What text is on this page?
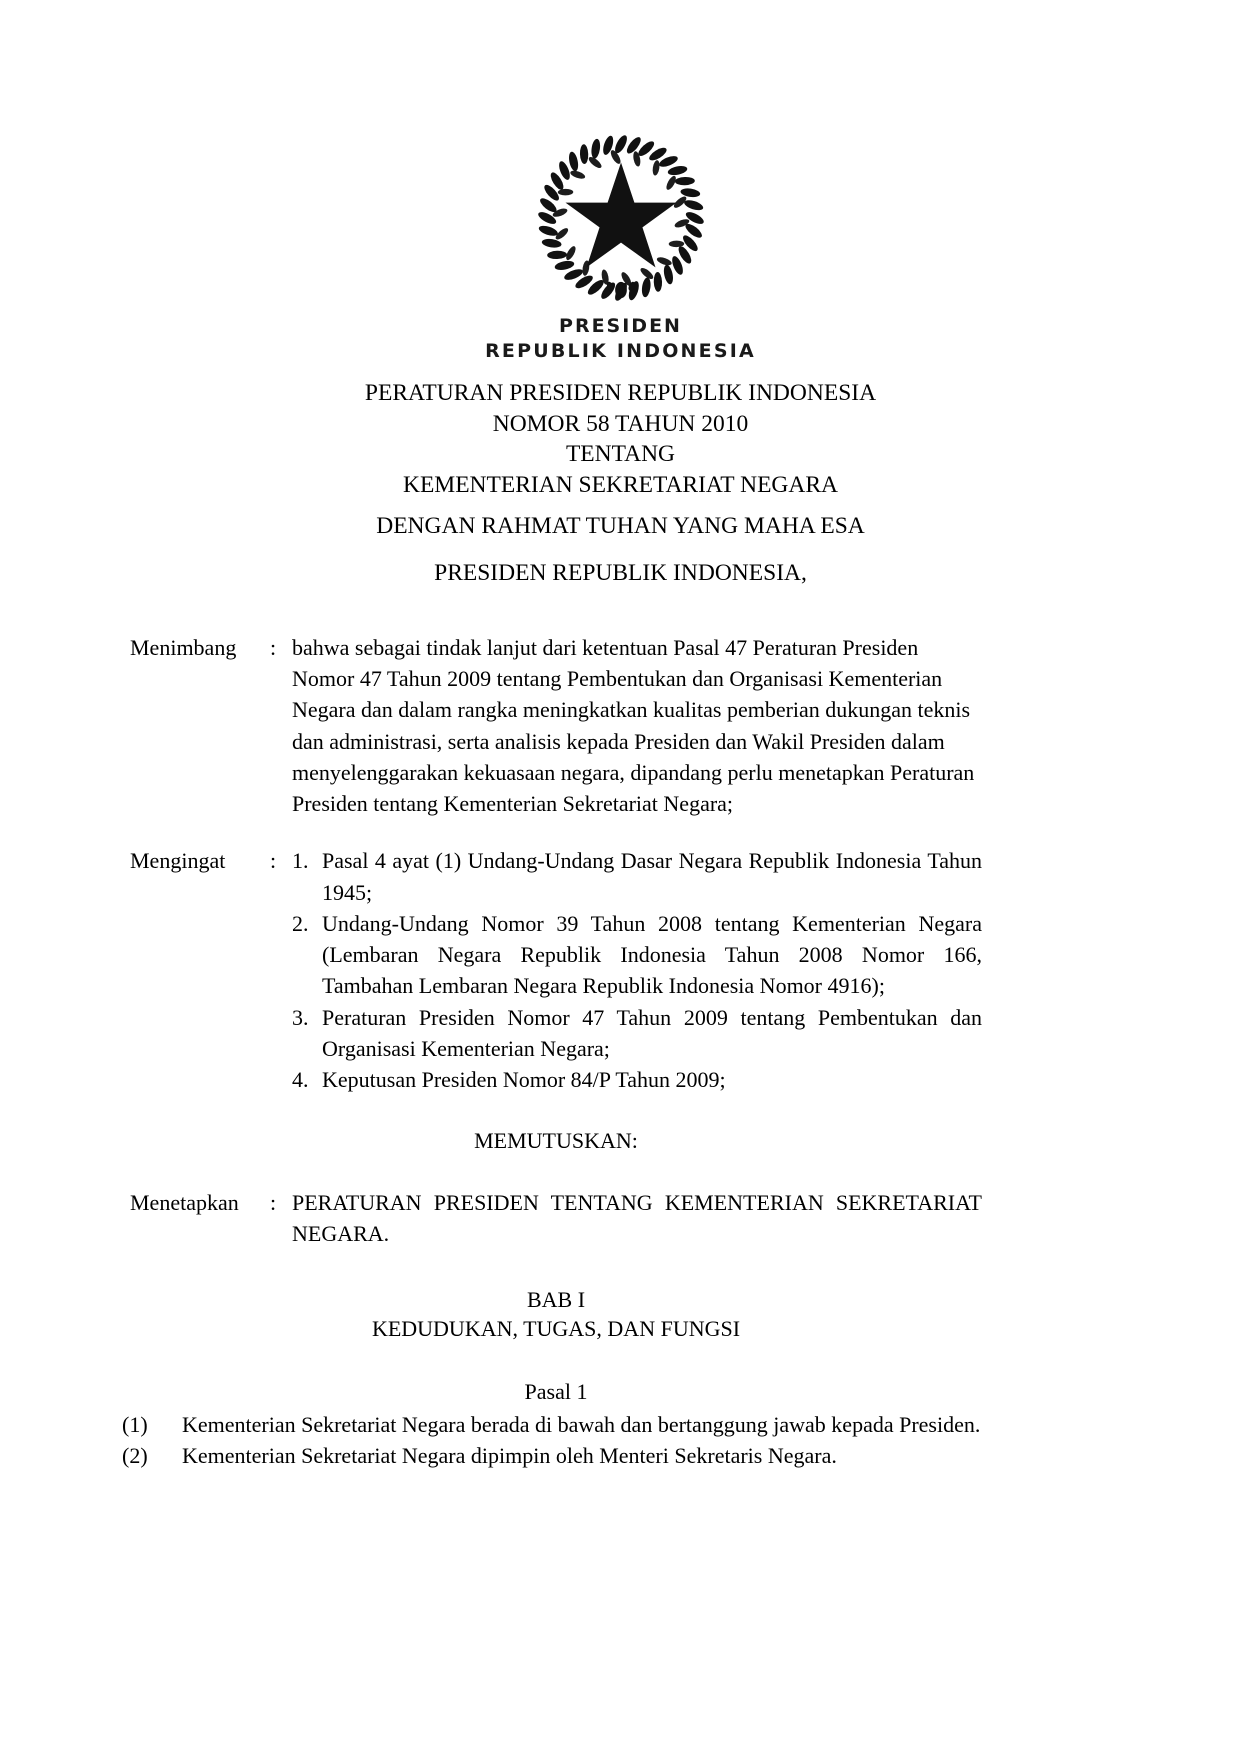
PRESIDEN
REPUBLIK INDONESIA
PERATURAN PRESIDEN REPUBLIK INDONESIA
NOMOR 58 TAHUN 2010
TENTANG
KEMENTERIAN SEKRETARIAT NEGARA
DENGAN RAHMAT TUHAN YANG MAHA ESA
PRESIDEN REPUBLIK INDONESIA,
Menimbang	: bahwa sebagai tindak lanjut dari ketentuan Pasal 47 Peraturan Presiden Nomor 47 Tahun 2009 tentang Pembentukan dan Organisasi Kementerian Negara dan dalam rangka meningkatkan kualitas pemberian dukungan teknis dan administrasi, serta analisis kepada Presiden dan Wakil Presiden dalam menyelenggarakan kekuasaan negara, dipandang perlu menetapkan Peraturan Presiden tentang Kementerian Sekretariat Negara;

Mengingat	: 1. Pasal 4 ayat (1) Undang-Undang Dasar Negara Republik Indonesia Tahun 1945;
2. Undang-Undang Nomor 39 Tahun 2008 tentang Kementerian Negara (Lembaran Negara Republik Indonesia Tahun 2008 Nomor 166, Tambahan Lembaran Negara Republik Indonesia Nomor 4916);
3. Peraturan Presiden Nomor 47 Tahun 2009 tentang Pembentukan dan Organisasi Kementerian Negara;
4. Keputusan Presiden Nomor 84/P Tahun 2009;
MEMUTUSKAN:
Menetapkan	: PERATURAN PRESIDEN TENTANG KEMENTERIAN SEKRETARIAT NEGARA.

BAB I
KEDUDUKAN, TUGAS, DAN FUNGSI
Pasal 1
(1)	Kementerian Sekretariat Negara berada di bawah dan bertanggung jawab kepada Presiden.
(2)	Kementerian Sekretariat Negara dipimpin oleh Menteri Sekretaris Negara.
